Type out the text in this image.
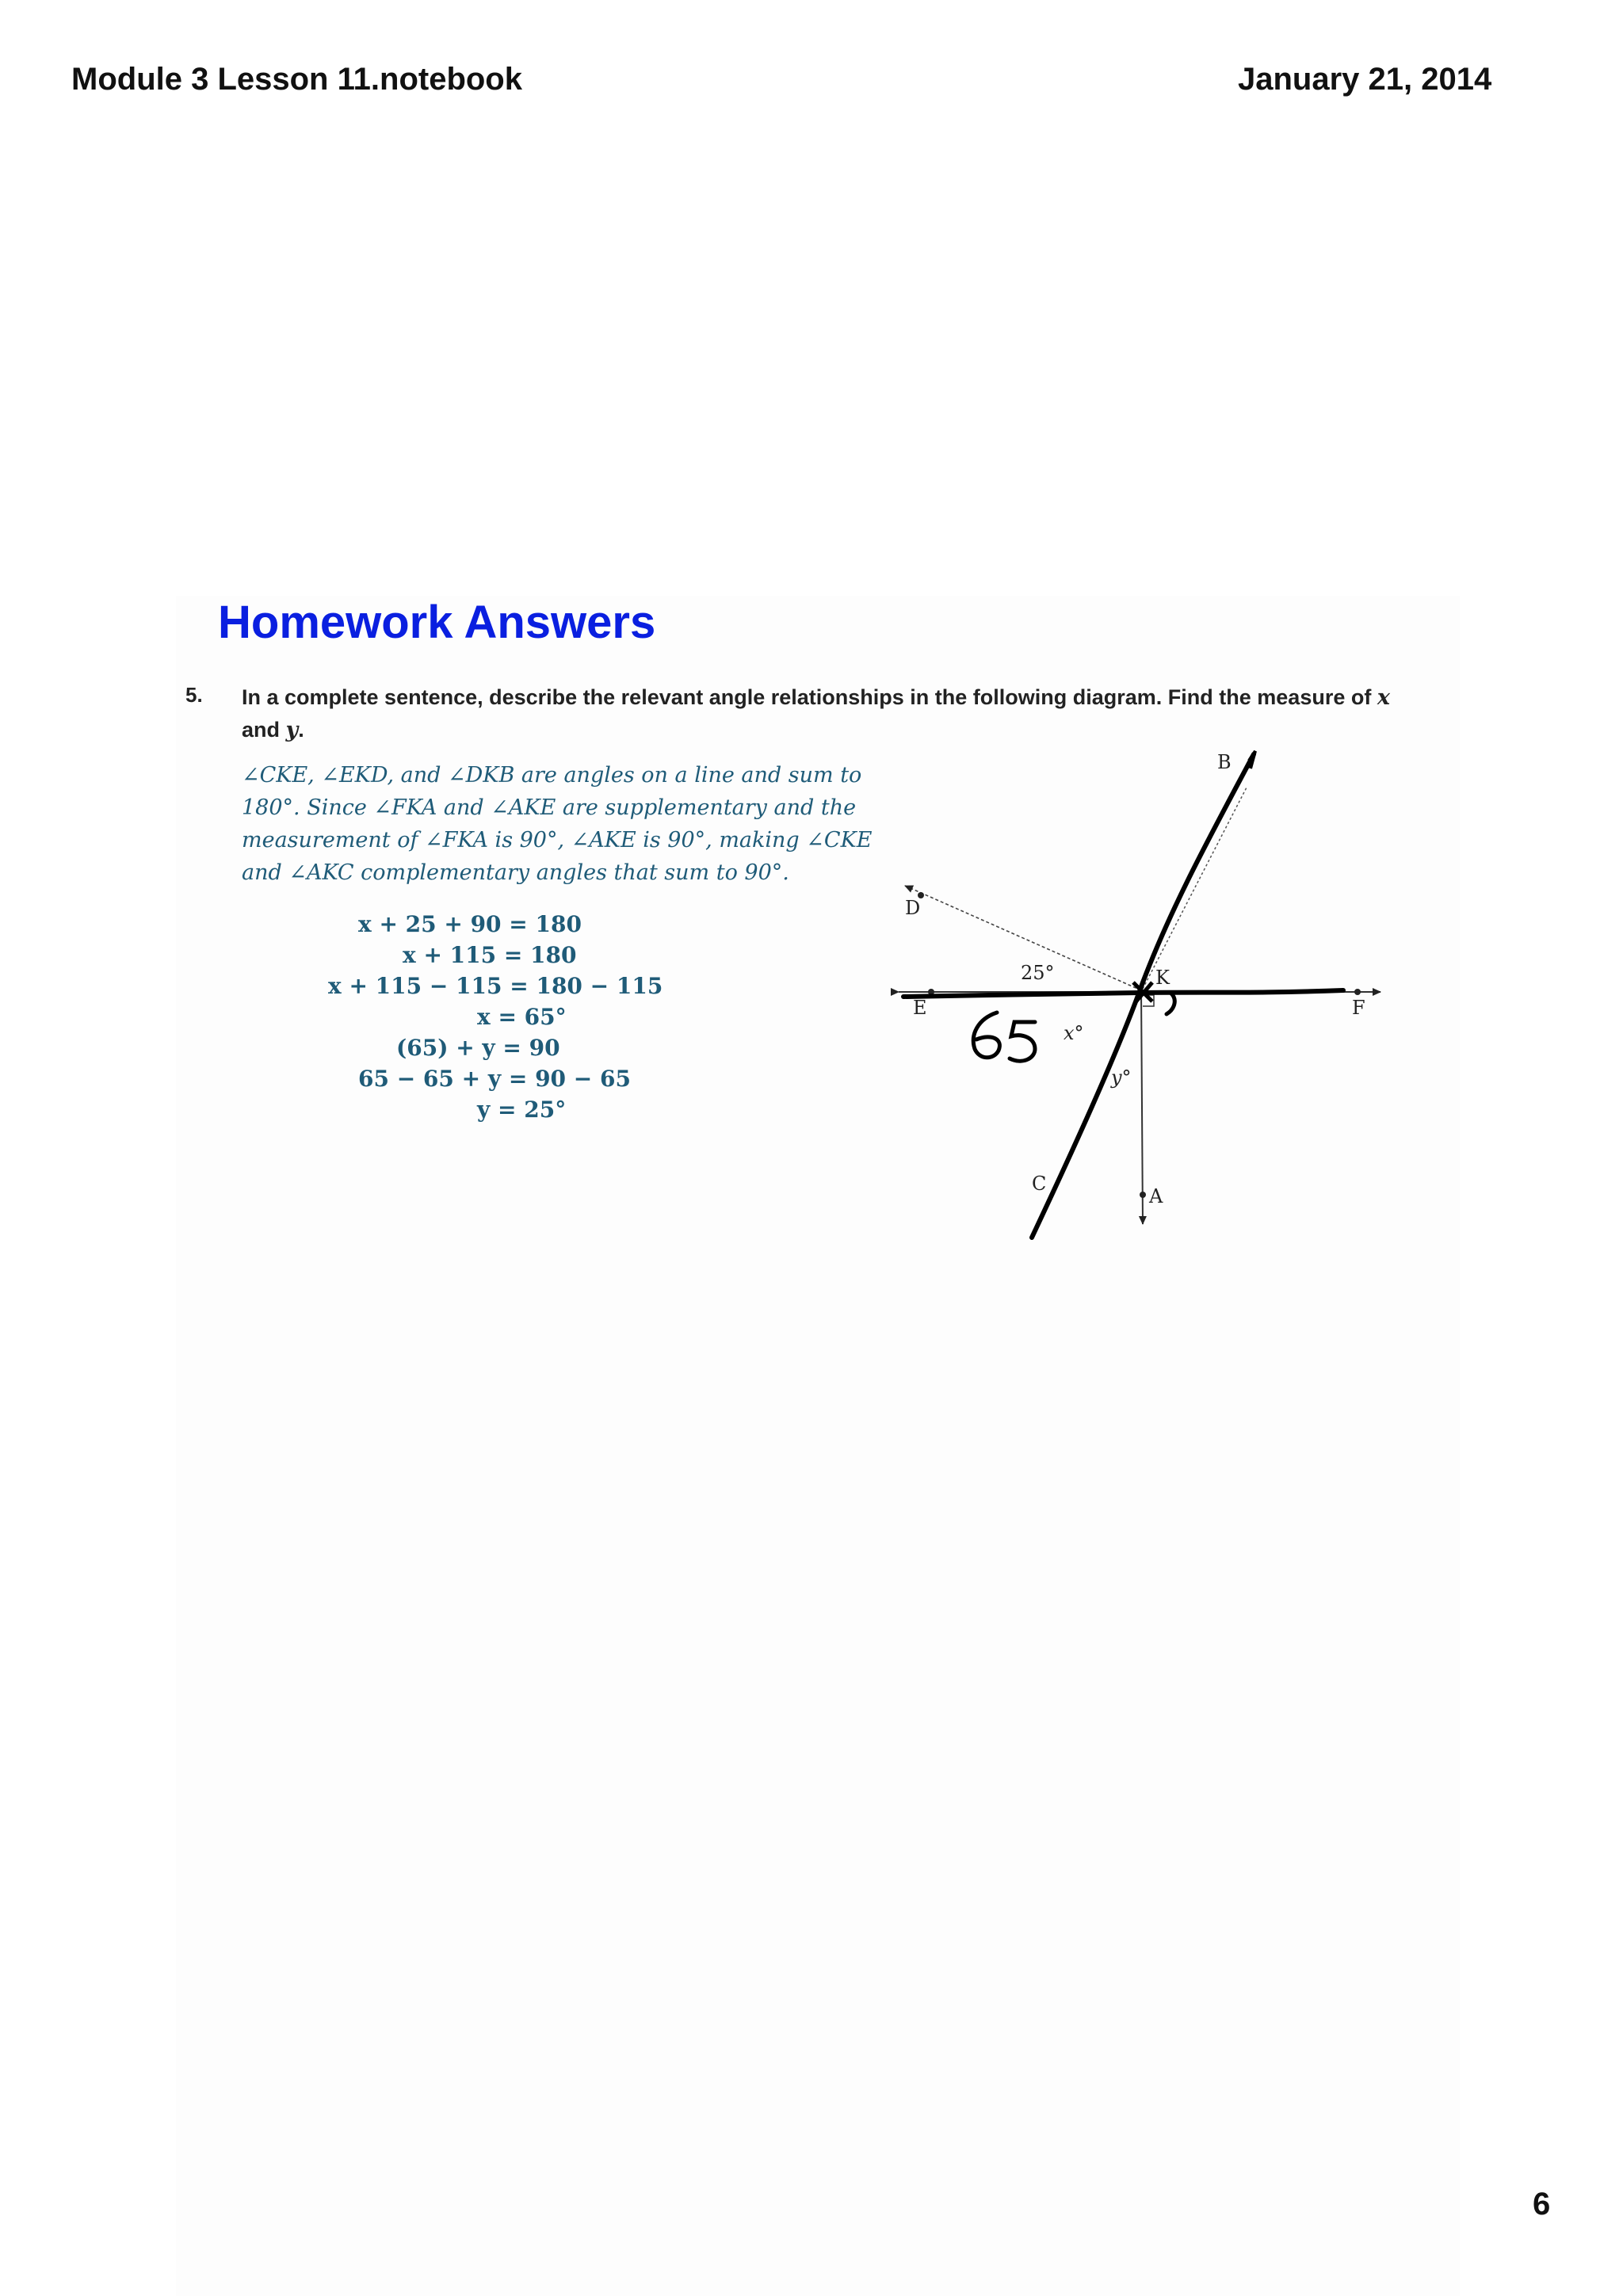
Module 3 Lesson 11.notebook	January 21, 2014
Homework Answers
5. In a complete sentence, describe the relevant angle relationships in the following diagram. Find the measure of x
and y.

∠CKE, ∠EKD, and ∠DKB are angles on a line and sum to 180°. Since ∠FKA and ∠AKE are supplementary and the measurement of ∠FKA is 90°, ∠AKE is 90°, making ∠CKE and ∠AKC complementary angles that sum to 90°.

x + 25 + 90 = 180
x + 115 = 180
x + 115 − 115 = 180 − 115
x = 65°
(65) + y = 90
65 − 65 + y = 90 − 65
y = 25°
B
D
K
E	F
C
A
25°
x°
y°
6
